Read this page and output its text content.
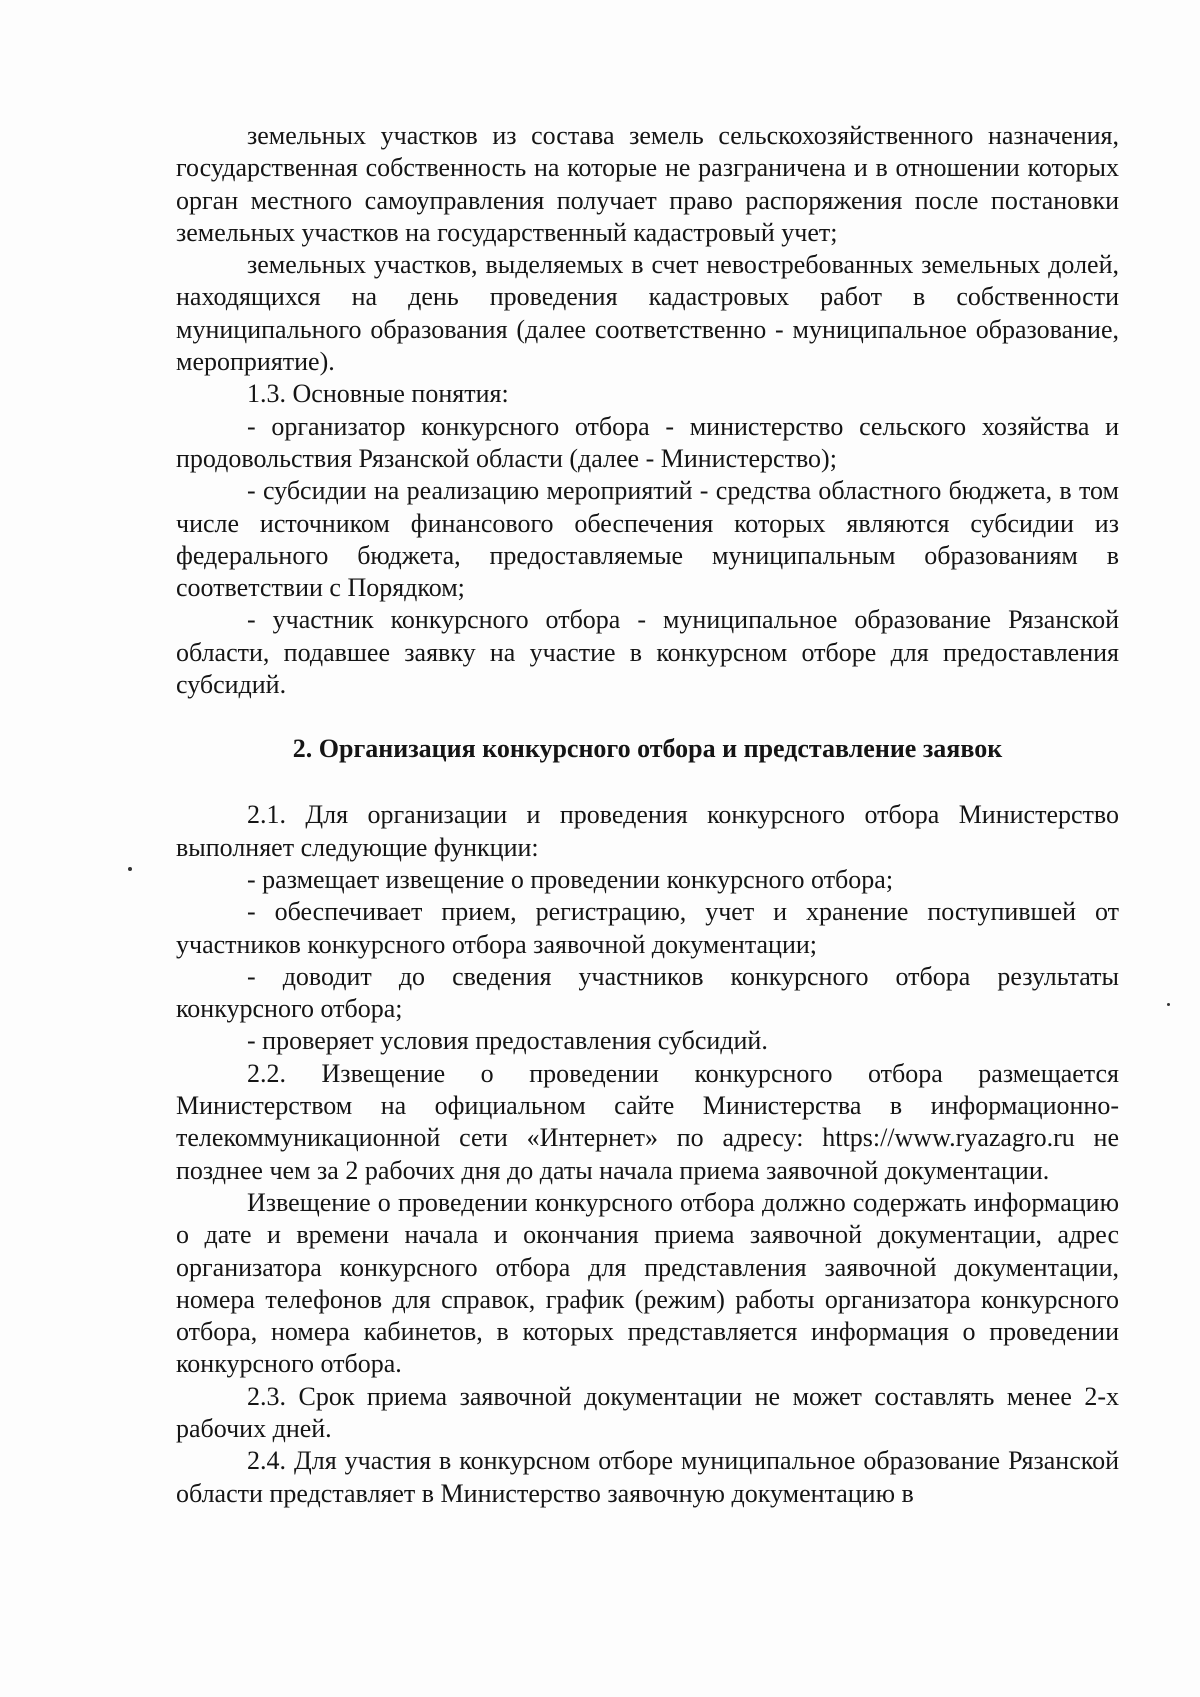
земельных участков из состава земель сельскохозяйственного назначения, государственная собственность на которые не разграничена и в отношении которых орган местного самоуправления получает право распоряжения после постановки земельных участков на государственный кадастровый учет;

земельных участков, выделяемых в счет невостребованных земельных долей, находящихся на день проведения кадастровых работ в собственности муниципального образования (далее соответственно - муниципальное образование, мероприятие).

1.3. Основные понятия:

- организатор конкурсного отбора - министерство сельского хозяйства и продовольствия Рязанской области (далее - Министерство);

- субсидии на реализацию мероприятий - средства областного бюджета, в том числе источником финансового обеспечения которых являются субсидии из федерального бюджета, предоставляемые муниципальным образованиям в соответствии с Порядком;

- участник конкурсного отбора - муниципальное образование Рязанской области, подавшее заявку на участие в конкурсном отборе для предоставления субсидий.

2. Организация конкурсного отбора и представление заявок

2.1. Для организации и проведения конкурсного отбора Министерство выполняет следующие функции:

- размещает извещение о проведении конкурсного отбора;

- обеспечивает прием, регистрацию, учет и хранение поступившей от участников конкурсного отбора заявочной документации;

- доводит до сведения участников конкурсного отбора результаты конкурсного отбора;

- проверяет условия предоставления субсидий.

2.2. Извещение о проведении конкурсного отбора размещается Министерством на официальном сайте Министерства в информационно-телекоммуникационной сети «Интернет» по адресу: https://www.ryazagro.ru не позднее чем за 2 рабочих дня до даты начала приема заявочной документации.

Извещение о проведении конкурсного отбора должно содержать информацию о дате и времени начала и окончания приема заявочной документации, адрес организатора конкурсного отбора для представления заявочной документации, номера телефонов для справок, график (режим) работы организатора конкурсного отбора, номера кабинетов, в которых представляется информация о проведении конкурсного отбора.

2.3. Срок приема заявочной документации не может составлять менее 2-х рабочих дней.

2.4. Для участия в конкурсном отборе муниципальное образование Рязанской области представляет в Министерство заявочную документацию в
